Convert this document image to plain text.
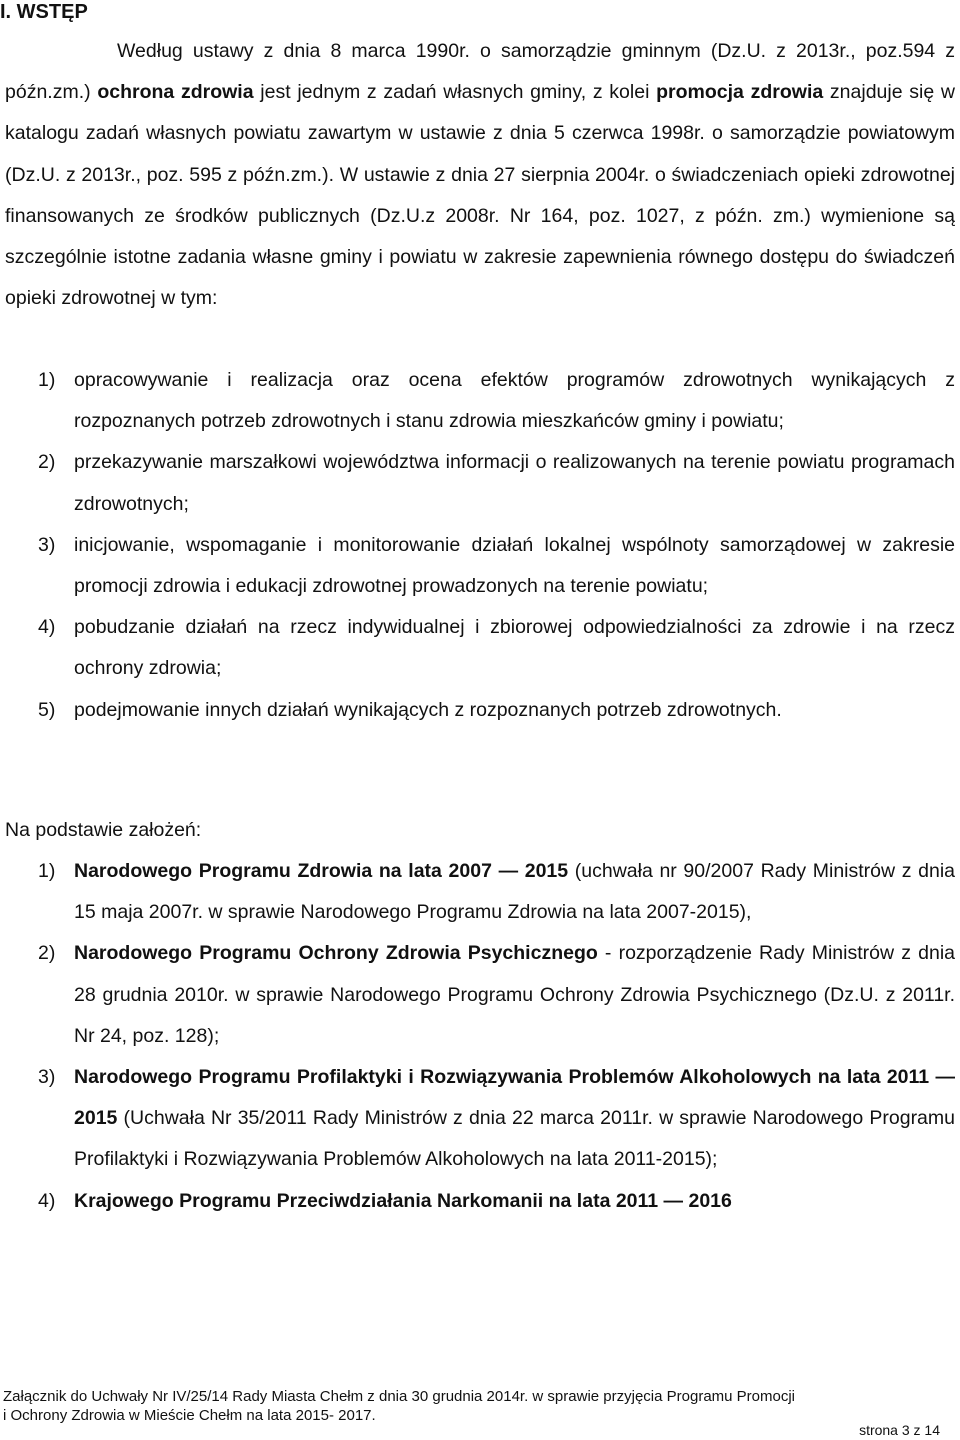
I. WSTĘP

Według ustawy z dnia 8 marca 1990r. o samorządzie gminnym (Dz.U. z 2013r., poz.594 z późn.zm.) ochrona zdrowia jest jednym z zadań własnych gminy, z kolei promocja zdrowia znajduje się w katalogu zadań własnych powiatu zawartym w ustawie z dnia 5 czerwca 1998r. o samorządzie powiatowym (Dz.U. z 2013r., poz. 595 z późn.zm.). W ustawie z dnia 27 sierpnia 2004r. o świadczeniach opieki zdrowotnej finansowanych ze środków publicznych (Dz.U.z 2008r. Nr 164, poz. 1027, z późn. zm.) wymienione są szczególnie istotne zadania własne gminy i powiatu w zakresie zapewnienia równego dostępu do świadczeń opieki zdrowotnej w tym:

1) opracowywanie i realizacja oraz ocena efektów programów zdrowotnych wynikających z rozpoznanych potrzeb zdrowotnych i stanu zdrowia mieszkańców gminy i powiatu;
2) przekazywanie marszałkowi województwa informacji o realizowanych na terenie powiatu programach zdrowotnych;
3) inicjowanie, wspomaganie i monitorowanie działań lokalnej wspólnoty samorządowej w zakresie promocji zdrowia i edukacji zdrowotnej prowadzonych na terenie powiatu;
4) pobudzanie działań na rzecz indywidualnej i zbiorowej odpowiedzialności za zdrowie i na rzecz ochrony zdrowia;
5) podejmowanie innych działań wynikających z rozpoznanych potrzeb zdrowotnych.
Na podstawie założeń:
1) Narodowego Programu Zdrowia na lata 2007 — 2015 (uchwała nr 90/2007 Rady Ministrów z dnia 15 maja 2007r. w sprawie Narodowego Programu Zdrowia na lata 2007-2015),
2) Narodowego Programu Ochrony Zdrowia Psychicznego - rozporządzenie Rady Ministrów z dnia 28 grudnia 2010r. w sprawie Narodowego Programu Ochrony Zdrowia Psychicznego (Dz.U. z 2011r. Nr 24, poz. 128);
3) Narodowego Programu Profilaktyki i Rozwiązywania Problemów Alkoholowych na lata 2011 — 2015 (Uchwała Nr 35/2011 Rady Ministrów z dnia 22 marca 2011r. w sprawie Narodowego Programu Profilaktyki i Rozwiązywania Problemów Alkoholowych na lata 2011-2015);
4) Krajowego Programu Przeciwdziałania Narkomanii na lata 2011 — 2016
Załącznik do Uchwały Nr IV/25/14 Rady Miasta Chełm z dnia 30 grudnia 2014r. w sprawie przyjęcia Programu Promocji
i Ochrony Zdrowia w Mieście Chełm na lata 2015- 2017.
strona 3 z 14
